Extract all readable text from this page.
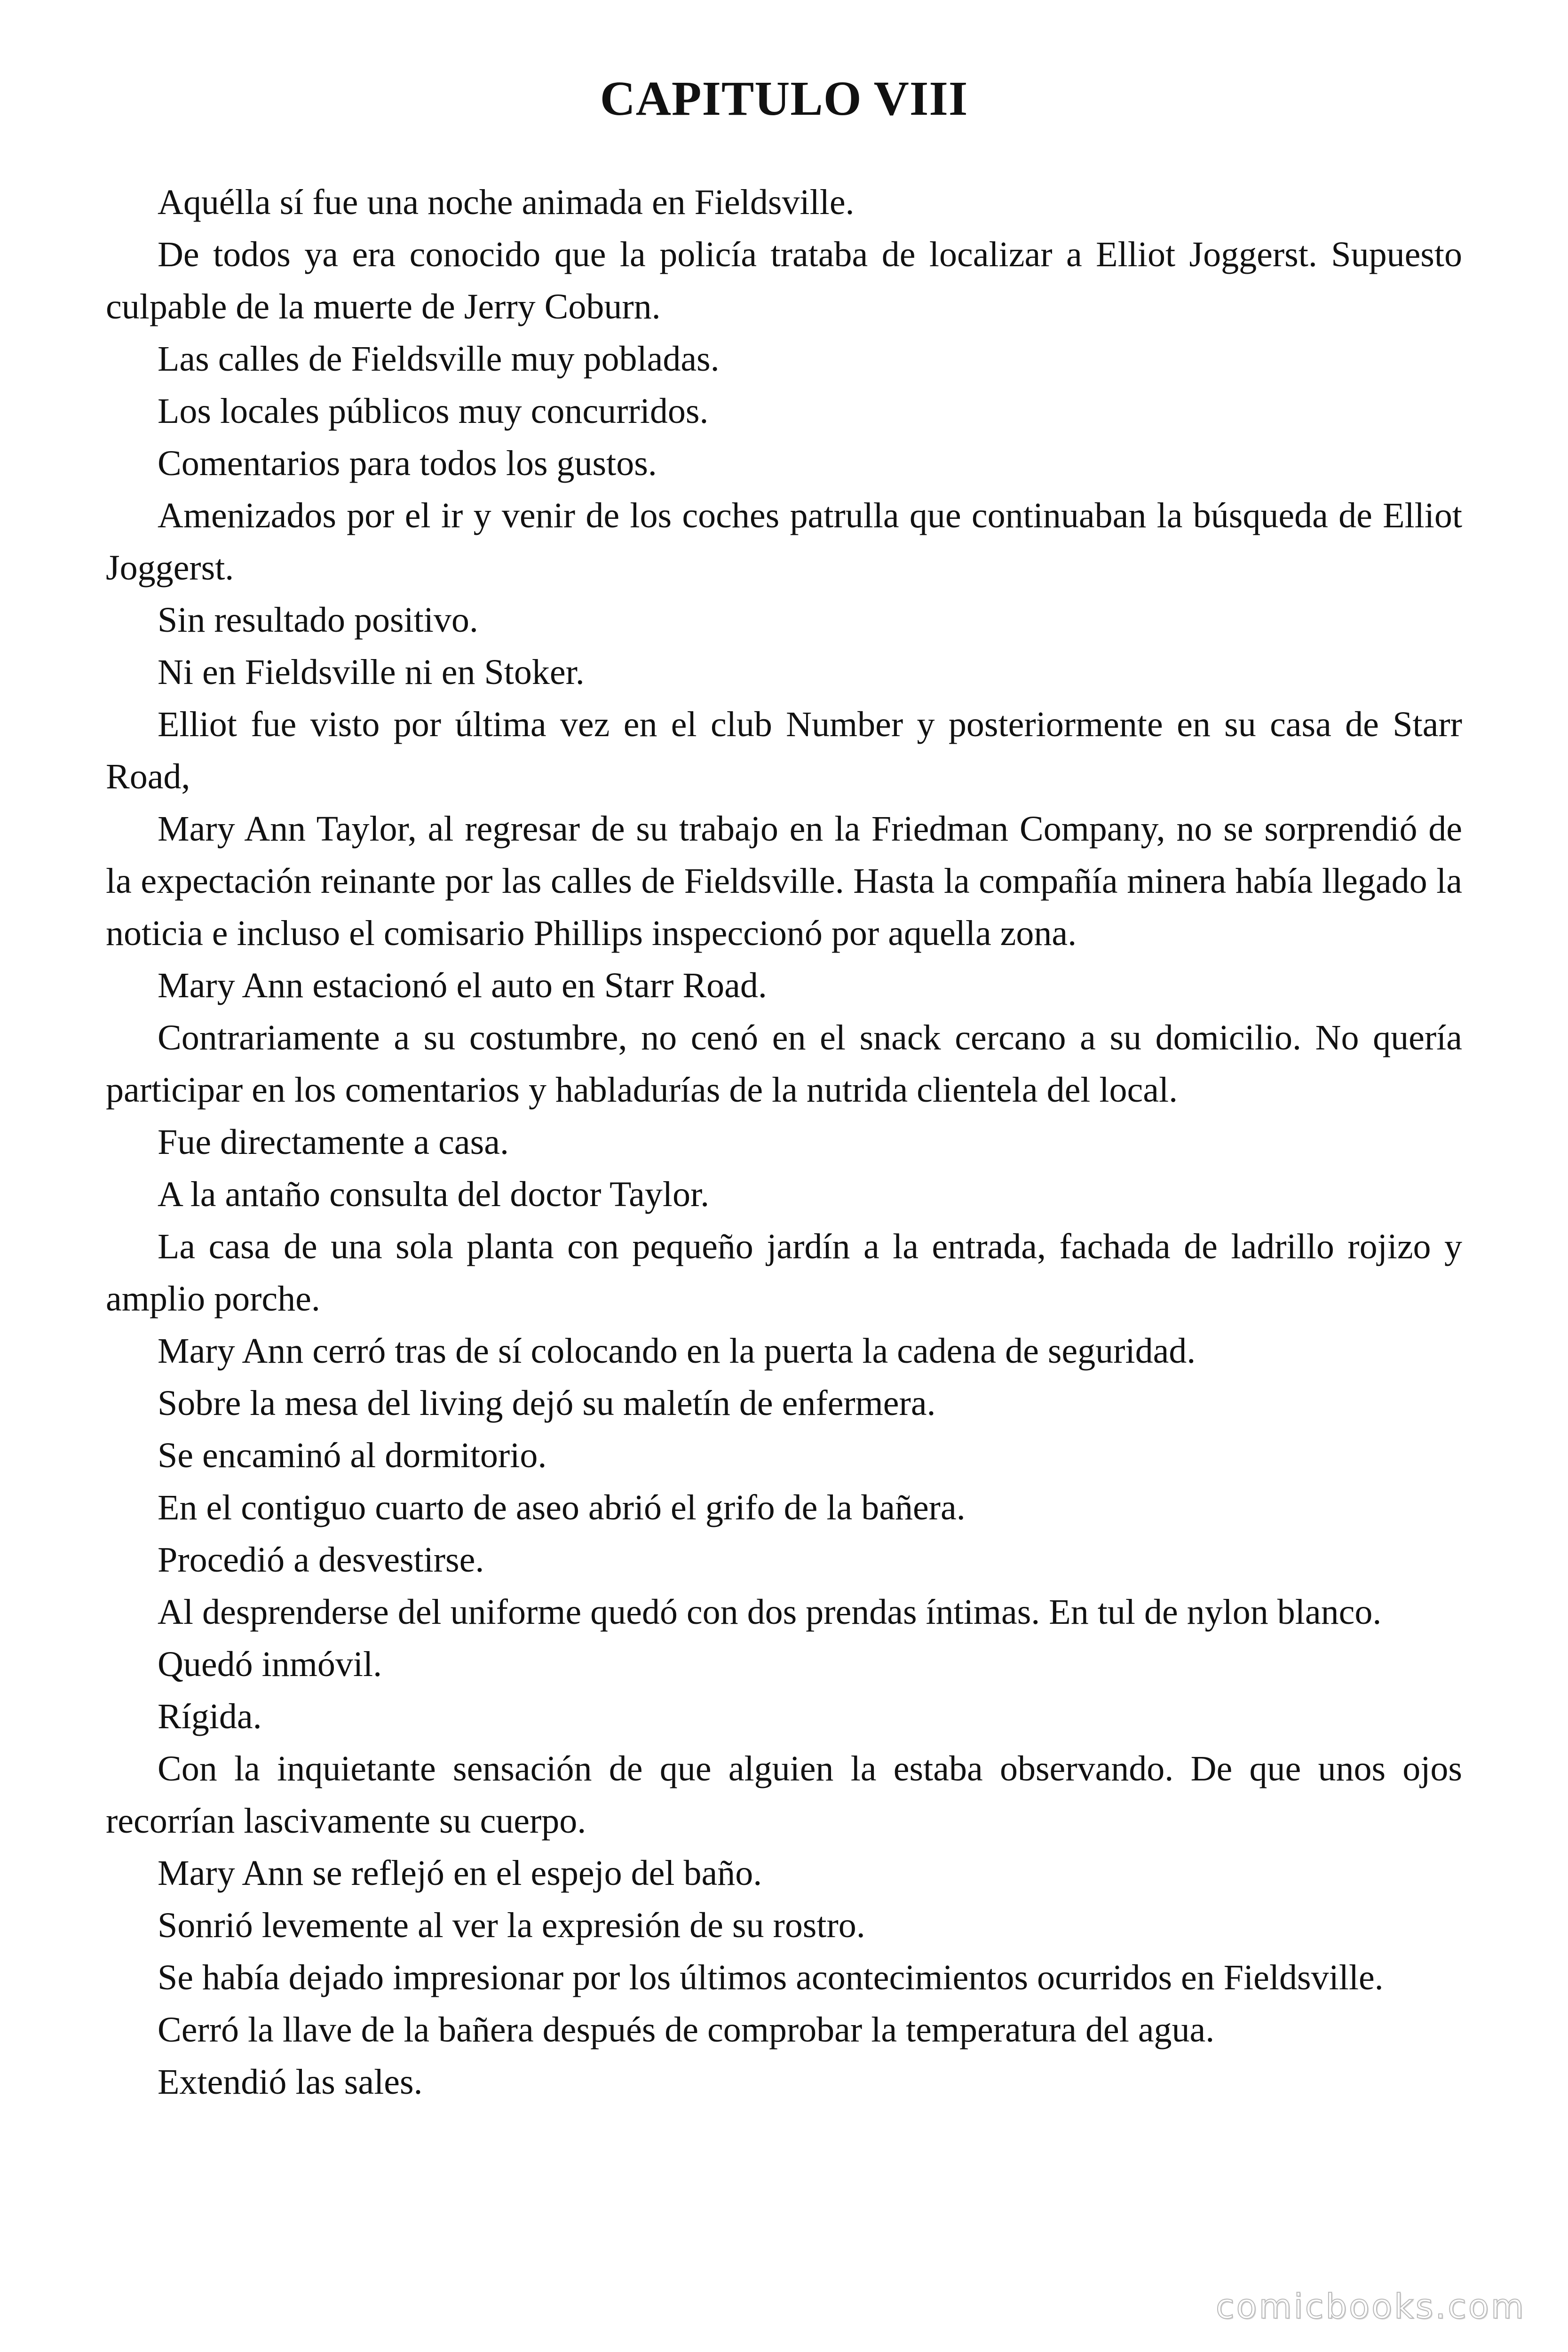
CAPITULO VIII

Aquélla sí fue una noche animada en Fieldsville.

De todos ya era conocido que la policía trataba de localizar a Elliot Joggerst. Supuesto culpable de la muerte de Jerry Coburn.

Las calles de Fieldsville muy pobladas.

Los locales públicos muy concurridos.

Comentarios para todos los gustos.

Amenizados por el ir y venir de los coches patrulla que continuaban la búsqueda de Elliot Joggerst.

Sin resultado positivo.

Ni en Fieldsville ni en Stoker.

Elliot fue visto por última vez en el club Number y posteriormente en su casa de Starr Road,

Mary Ann Taylor, al regresar de su trabajo en la Friedman Company, no se sorprendió de la expectación reinante por las calles de Fieldsville. Hasta la compañía minera había llegado la noticia e incluso el comisario Phillips inspeccionó por aquella zona.

Mary Ann estacionó el auto en Starr Road.

Contrariamente a su costumbre, no cenó en el snack cercano a su domicilio. No quería participar en los comentarios y habladurías de la nutrida clientela del local.

Fue directamente a casa.

A la antaño consulta del doctor Taylor.

La casa de una sola planta con pequeño jardín a la entrada, fachada de ladrillo rojizo y amplio porche.

Mary Ann cerró tras de sí colocando en la puerta la cadena de seguridad.

Sobre la mesa del living dejó su maletín de enfermera.

Se encaminó al dormitorio.

En el contiguo cuarto de aseo abrió el grifo de la bañera.

Procedió a desvestirse.

Al desprenderse del uniforme quedó con dos prendas íntimas. En tul de nylon blanco.

Quedó inmóvil.

Rígida.

Con la inquietante sensación de que alguien la estaba observando. De que unos ojos recorrían lascivamente su cuerpo.

Mary Ann se reflejó en el espejo del baño.

Sonrió levemente al ver la expresión de su rostro.

Se había dejado impresionar por los últimos acontecimientos ocurridos en Fieldsville.

Cerró la llave de la bañera después de comprobar la temperatura del agua.

Extendió las sales.

comicbooks.com
